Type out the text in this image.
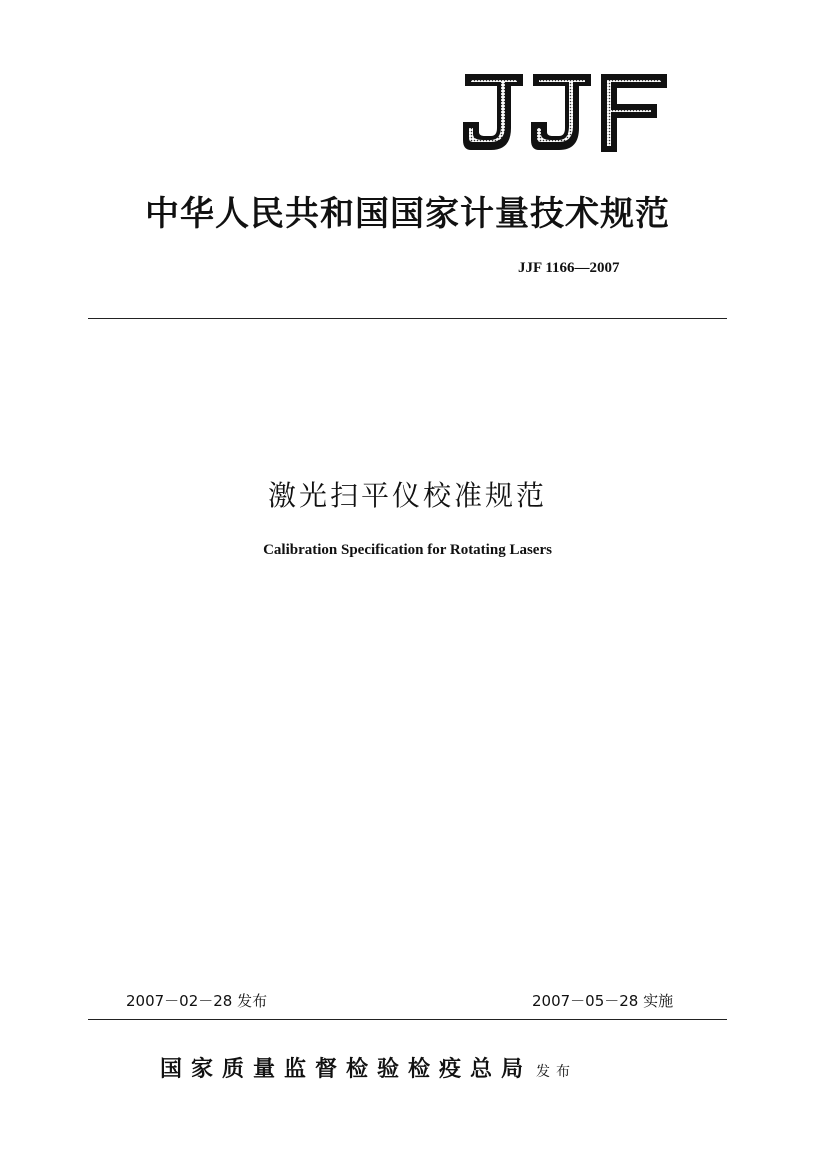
中华人民共和国国家计量技术规范
JJF 1166—2007
激光扫平仪校准规范
Calibration Specification for Rotating Lasers
2007－02－28 发布	2007－05－28 实施
国家质量监督检验检疫总局 发布
